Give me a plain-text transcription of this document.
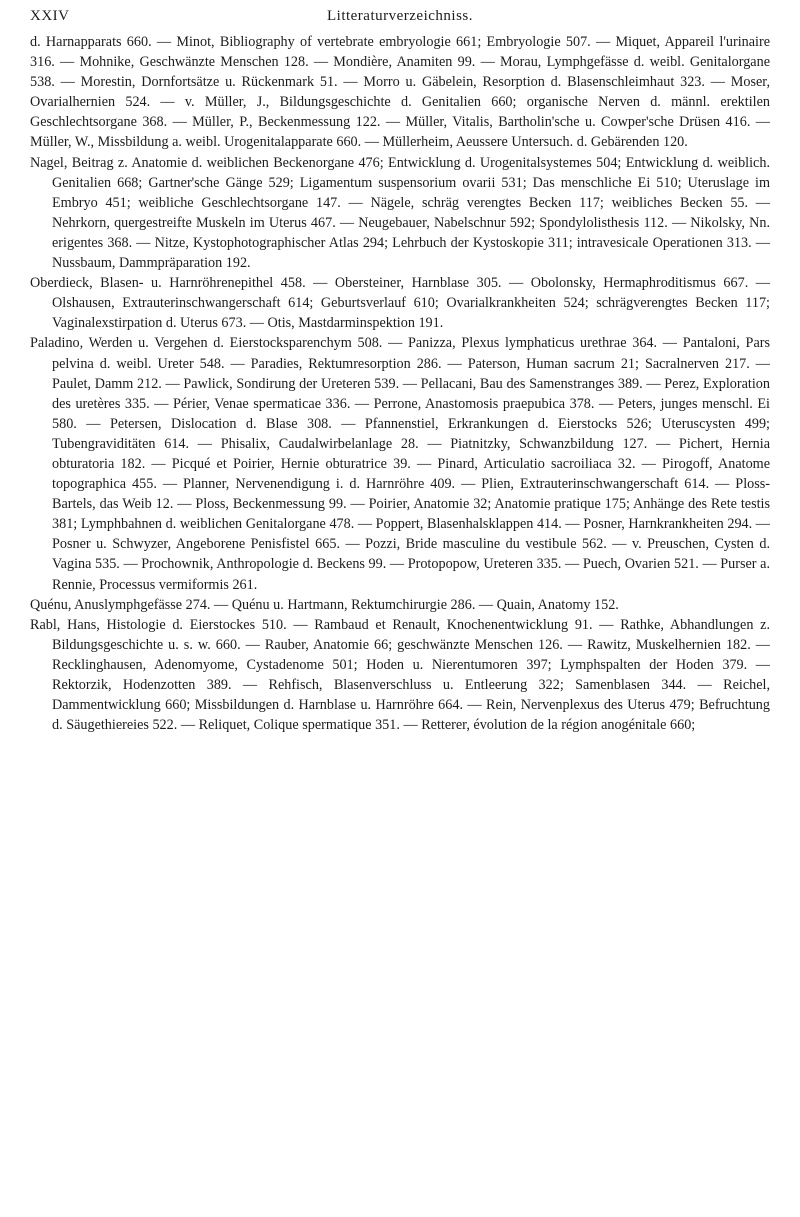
XXIV	Litteraturverzeichniss.

d. Harnapparats 660. — Minot, Bibliography of vertebrate embryologie 661; Embryologie 507. — Miquet, Appareil l'urinaire 316. — Mohnike, Geschwänzte Menschen 128. — Mondière, Anamiten 99. — Morau, Lymphgefässe d. weibl. Genitalorgane 538. — Morestin, Dornfortsätze u. Rückenmark 51. — Morro u. Gäbelein, Resorption d. Blasenschleimhaut 323. — Moser, Ovarialhernien 524. — v. Müller, J., Bildungsgeschichte d. Genitalien 660; organische Nerven d. männl. erektilen Geschlechtsorgane 368. — Müller, P., Beckenmessung 122. — Müller, Vitalis, Bartholin'sche u. Cowper'sche Drüsen 416. — Müller, W., Missbildung a. weibl. Urogenitalapparate 660. — Müllerheim, Aeussere Untersuch. d. Gebärenden 120.

Nagel, Beitrag z. Anatomie d. weiblichen Beckenorgane 476; Entwicklung d. Urogenitalsystemes 504; Entwicklung d. weiblich. Genitalien 668; Gartner'sche Gänge 529; Ligamentum suspensorium ovarii 531; Das menschliche Ei 510; Uteruslage im Embryo 451; weibliche Geschlechtsorgane 147. — Nägele, schräg verengtes Becken 117; weibliches Becken 55. — Nehrkorn, quergestreifte Muskeln im Uterus 467. — Neugebauer, Nabelschnur 592; Spondylolisthesis 112. — Nikolsky, Nn. erigentes 368. — Nitze, Kystophotographischer Atlas 294; Lehrbuch der Kystoskopie 311; intravesicale Operationen 313. — Nussbaum, Dammpräparation 192.

Oberdieck, Blasen- u. Harnröhrenepithel 458. — Obersteiner, Harnblase 305. — Obolonsky, Hermaphroditismus 667. — Olshausen, Extrauterinschwangerschaft 614; Geburtsverlauf 610; Ovarialkrankheiten 524; schrägverengtes Becken 117; Vaginalexstirpation d. Uterus 673. — Otis, Mastdarminspektion 191.

Paladino, Werden u. Vergehen d. Eierstocksparenchym 508. — Panizza, Plexus lymphaticus urethrae 364. — Pantaloni, Pars pelvina d. weibl. Ureter 548. — Paradies, Rektumresorption 286. — Paterson, Human sacrum 21; Sacralnerven 217. — Paulet, Damm 212. — Pawlick, Sondirung der Ureteren 539. — Pellacani, Bau des Samenstranges 389. — Perez, Exploration des uretères 335. — Périer, Venae spermaticae 336. — Perrone, Anastomosis praepubica 378. — Peters, junges menschl. Ei 580. — Petersen, Dislocation d. Blase 308. — Pfannenstiel, Erkrankungen d. Eierstocks 526; Uteruscysten 499; Tubengraviditäten 614. — Phisalix, Caudalwirbelanlage 28. — Piatnitzky, Schwanzbildung 127. — Pichert, Hernia obturatoria 182. — Picqué et Poirier, Hernie obturatrice 39. — Pinard, Articulatio sacroiliaca 32. — Pirogoff, Anatome topographica 455. — Planner, Nervenendigung i. d. Harnröhre 409. — Plien, Extrauterinschwangerschaft 614. — Ploss-Bartels, das Weib 12. — Ploss, Beckenmessung 99. — Poirier, Anatomie 32; Anatomie pratique 175; Anhänge des Rete testis 381; Lymphbahnen d. weiblichen Genitalorgane 478. — Poppert, Blasenhalsklappen 414. — Posner, Harnkrankheiten 294. — Posner u. Schwyzer, Angeborene Penisfistel 665. — Pozzi, Bride masculine du vestibule 562. — v. Preuschen, Cysten d. Vagina 535. — Prochownik, Anthropologie d. Beckens 99. — Protopopow, Ureteren 335. — Puech, Ovarien 521. — Purser a. Rennie, Processus vermiformis 261.

Quénu, Anuslymphgefässe 274. — Quénu u. Hartmann, Rektumchirurgie 286. — Quain, Anatomy 152.

Rabl, Hans, Histologie d. Eierstockes 510. — Rambaud et Renault, Knochenentwicklung 91. — Rathke, Abhandlungen z. Bildungsgeschichte u. s. w. 660. — Rauber, Anatomie 66; geschwänzte Menschen 126. — Rawitz, Muskelhernien 182. — Recklinghausen, Adenomyome, Cystadenome 501; Hoden u. Nierentumoren 397; Lymphspalten der Hoden 379. — Rektorzik, Hodenzotten 389. — Rehfisch, Blasenverschluss u. Entleerung 322; Samenblasen 344. — Reichel, Dammentwicklung 660; Missbildungen d. Harnblase u. Harnröhre 664. — Rein, Nervenplexus des Uterus 479; Befruchtung d. Säugethiereies 522. — Reliquet, Colique spermatique 351. — Retterer, évolution de la région anogénitale 660;
